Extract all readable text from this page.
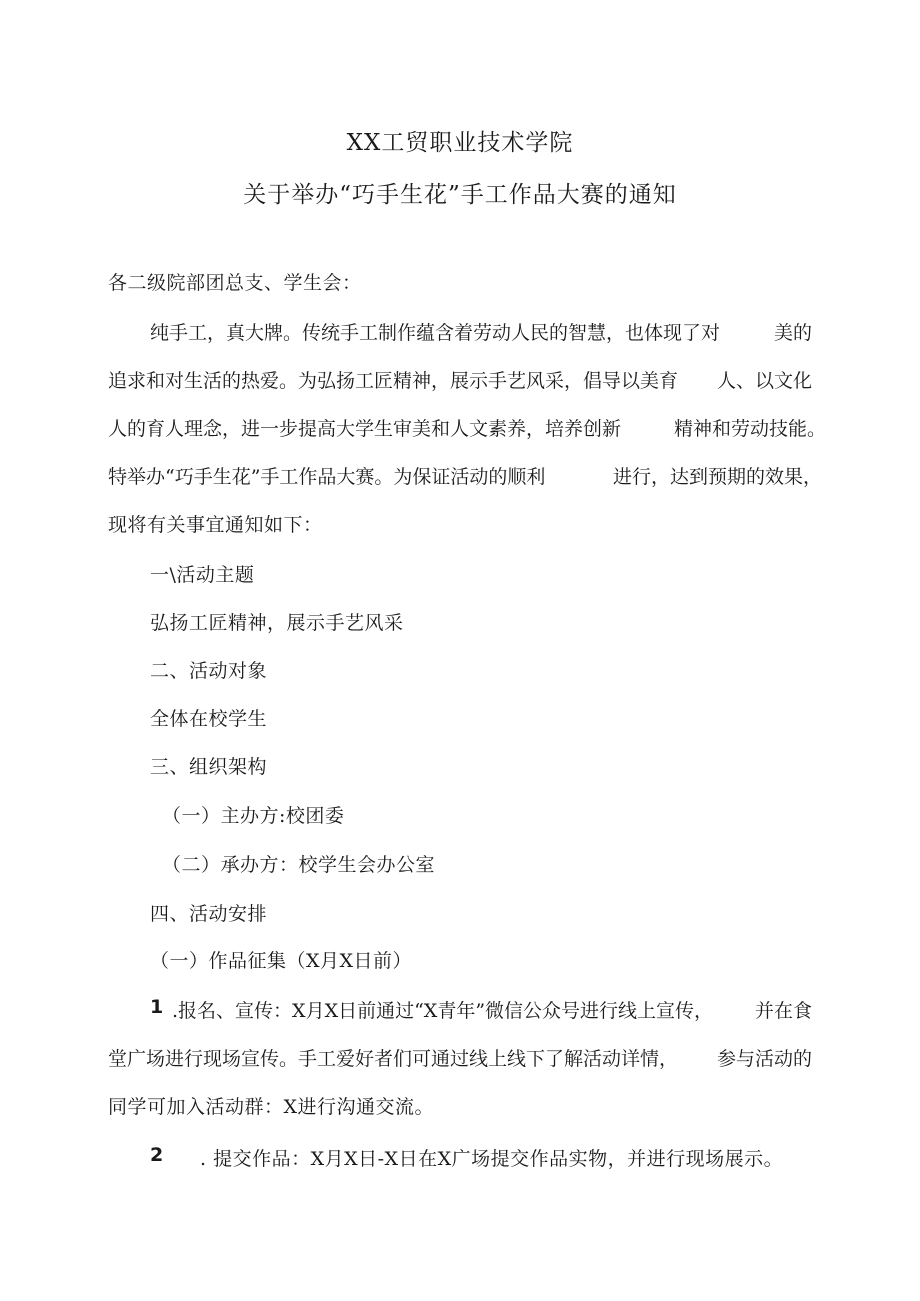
XX工贸职业技术学院
关于举办“巧手生花”手工作品大赛的通知
各二级院部团总支、学生会：
纯手工，真大牌。传统手工制作蕴含着劳动人民的智慧，也体现了对	美的
追求和对生活的热爱。为弘扬工匠精神，展示手艺风采，倡导以美育 人、以文化
人的育人理念，进一步提高大学生审美和人文素养，培养创新	精神和劳动技能。
特举办“巧手生花”手工作品大赛。为保证活动的顺利	进行，达到预期的效果，
现将有关事宜通知如下：
一\活动主题
弘扬工匠精神，展示手艺风采
二、活动对象
全体在校学生
三、组织架构
（一）主办方:校团委
（二）承办方：校学生会办公室
四、活动安排
（一）作品征集（X月X日前）
1 .报名、宣传：X月X日前通过“X青年”微信公众号进行线上宣传， 并在食
堂广场进行现场宣传。手工爱好者们可通过线上线下了解活动详情， 参与活动的
同学可加入活动群：X进行沟通交流。
2 . 提交作品：X月X日-X日在X广场提交作品实物，并进行现场展示。
